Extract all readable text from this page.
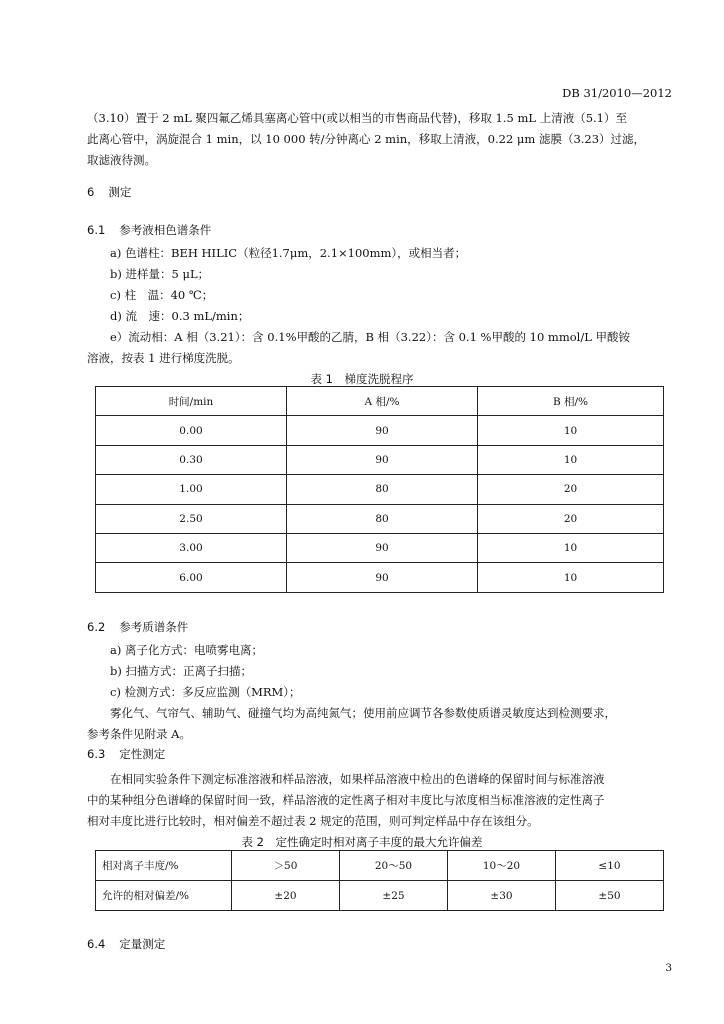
DB 31/2010—2012
（3.10）置于 2 mL 聚四氟乙烯具塞离心管中(或以相当的市售商品代替)，移取 1.5 mL 上清液（5.1）至
此离心管中，涡旋混合 1 min，以 10 000 转/分钟离心 2 min，移取上清液，0.22 μm 滤膜（3.23）过滤，
取滤液待测。
6 测定
6.1 参考液相色谱条件
a) 色谱柱：BEH HILIC（粒径1.7μm，2.1×100mm），或相当者；
b) 进样量：5 μL；
c) 柱　温：40 ℃；
d) 流　速：0.3 mL/min；
e）流动相：A 相（3.21）：含 0.1%甲酸的乙腈，B 相（3.22）：含 0.1 %甲酸的 10 mmol/L 甲酸铵
溶液，按表 1 进行梯度洗脱。
表 1　梯度洗脱程序
时间/min	A 相/%	B 相/%
0.00	90	10
0.30	90	10
1.00	80	20
2.50	80	20
3.00	90	10
6.00	90	10
6.2 参考质谱条件
a) 离子化方式：电喷雾电离；
b) 扫描方式：正离子扫描；
c) 检测方式：多反应监测（MRM）；
雾化气、气帘气、辅助气、碰撞气均为高纯氮气；使用前应调节各参数使质谱灵敏度达到检测要求，
参考条件见附录 A。
6.3 定性测定
在相同实验条件下测定标准溶液和样品溶液，如果样品溶液中检出的色谱峰的保留时间与标准溶液
中的某种组分色谱峰的保留时间一致，样品溶液的定性离子相对丰度比与浓度相当标准溶液的定性离子
相对丰度比进行比较时，相对偏差不超过表 2 规定的范围，则可判定样品中存在该组分。
表 2　定性确定时相对离子丰度的最大允许偏差
相对离子丰度/%	＞50	20～50	10～20	≤10
允许的相对偏差/%	±20	±25	±30	±50
6.4 定量测定
3
